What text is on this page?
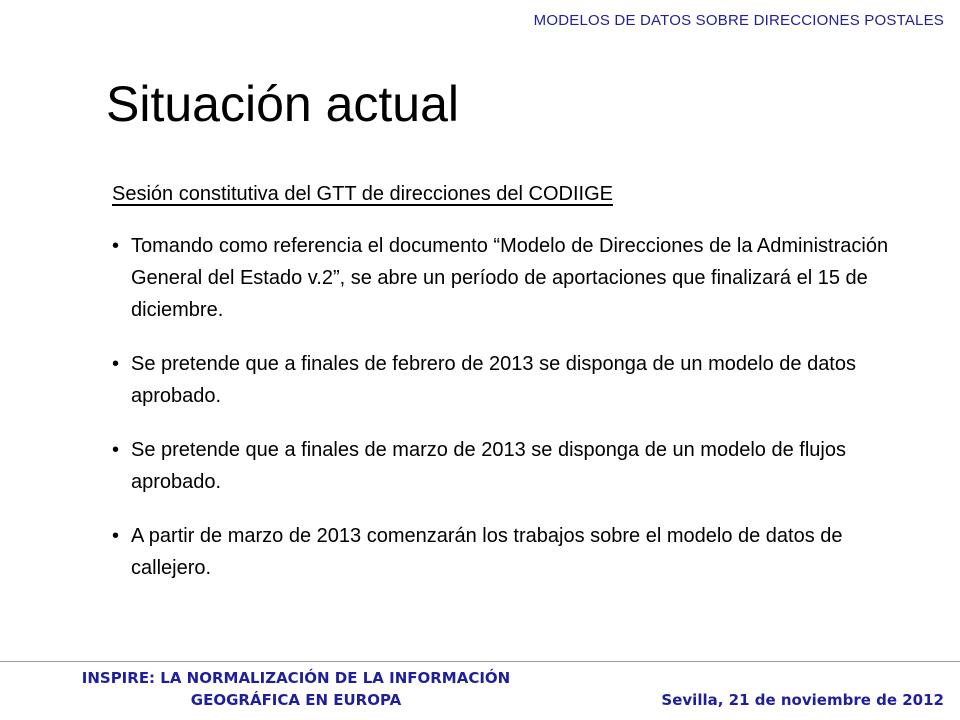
MODELOS DE DATOS SOBRE DIRECCIONES POSTALES
Situación actual

Sesión constitutiva del GTT de direcciones del CODIIGE

• Tomando como referencia el documento “Modelo de Direcciones de la Administración General del Estado v.2”, se abre un período de aportaciones que finalizará el 15 de diciembre.
• Se pretende que a finales de febrero de 2013 se disponga de un modelo de datos aprobado.
• Se pretende que a finales de marzo de 2013 se disponga de un modelo de flujos aprobado.
• A partir de marzo de 2013 comenzarán los trabajos sobre el modelo de datos de callejero.
INSPIRE: LA NORMALIZACIÓN DE LA INFORMACIÓN
GEOGRÁFICA EN EUROPA	Sevilla, 21 de noviembre de 2012
